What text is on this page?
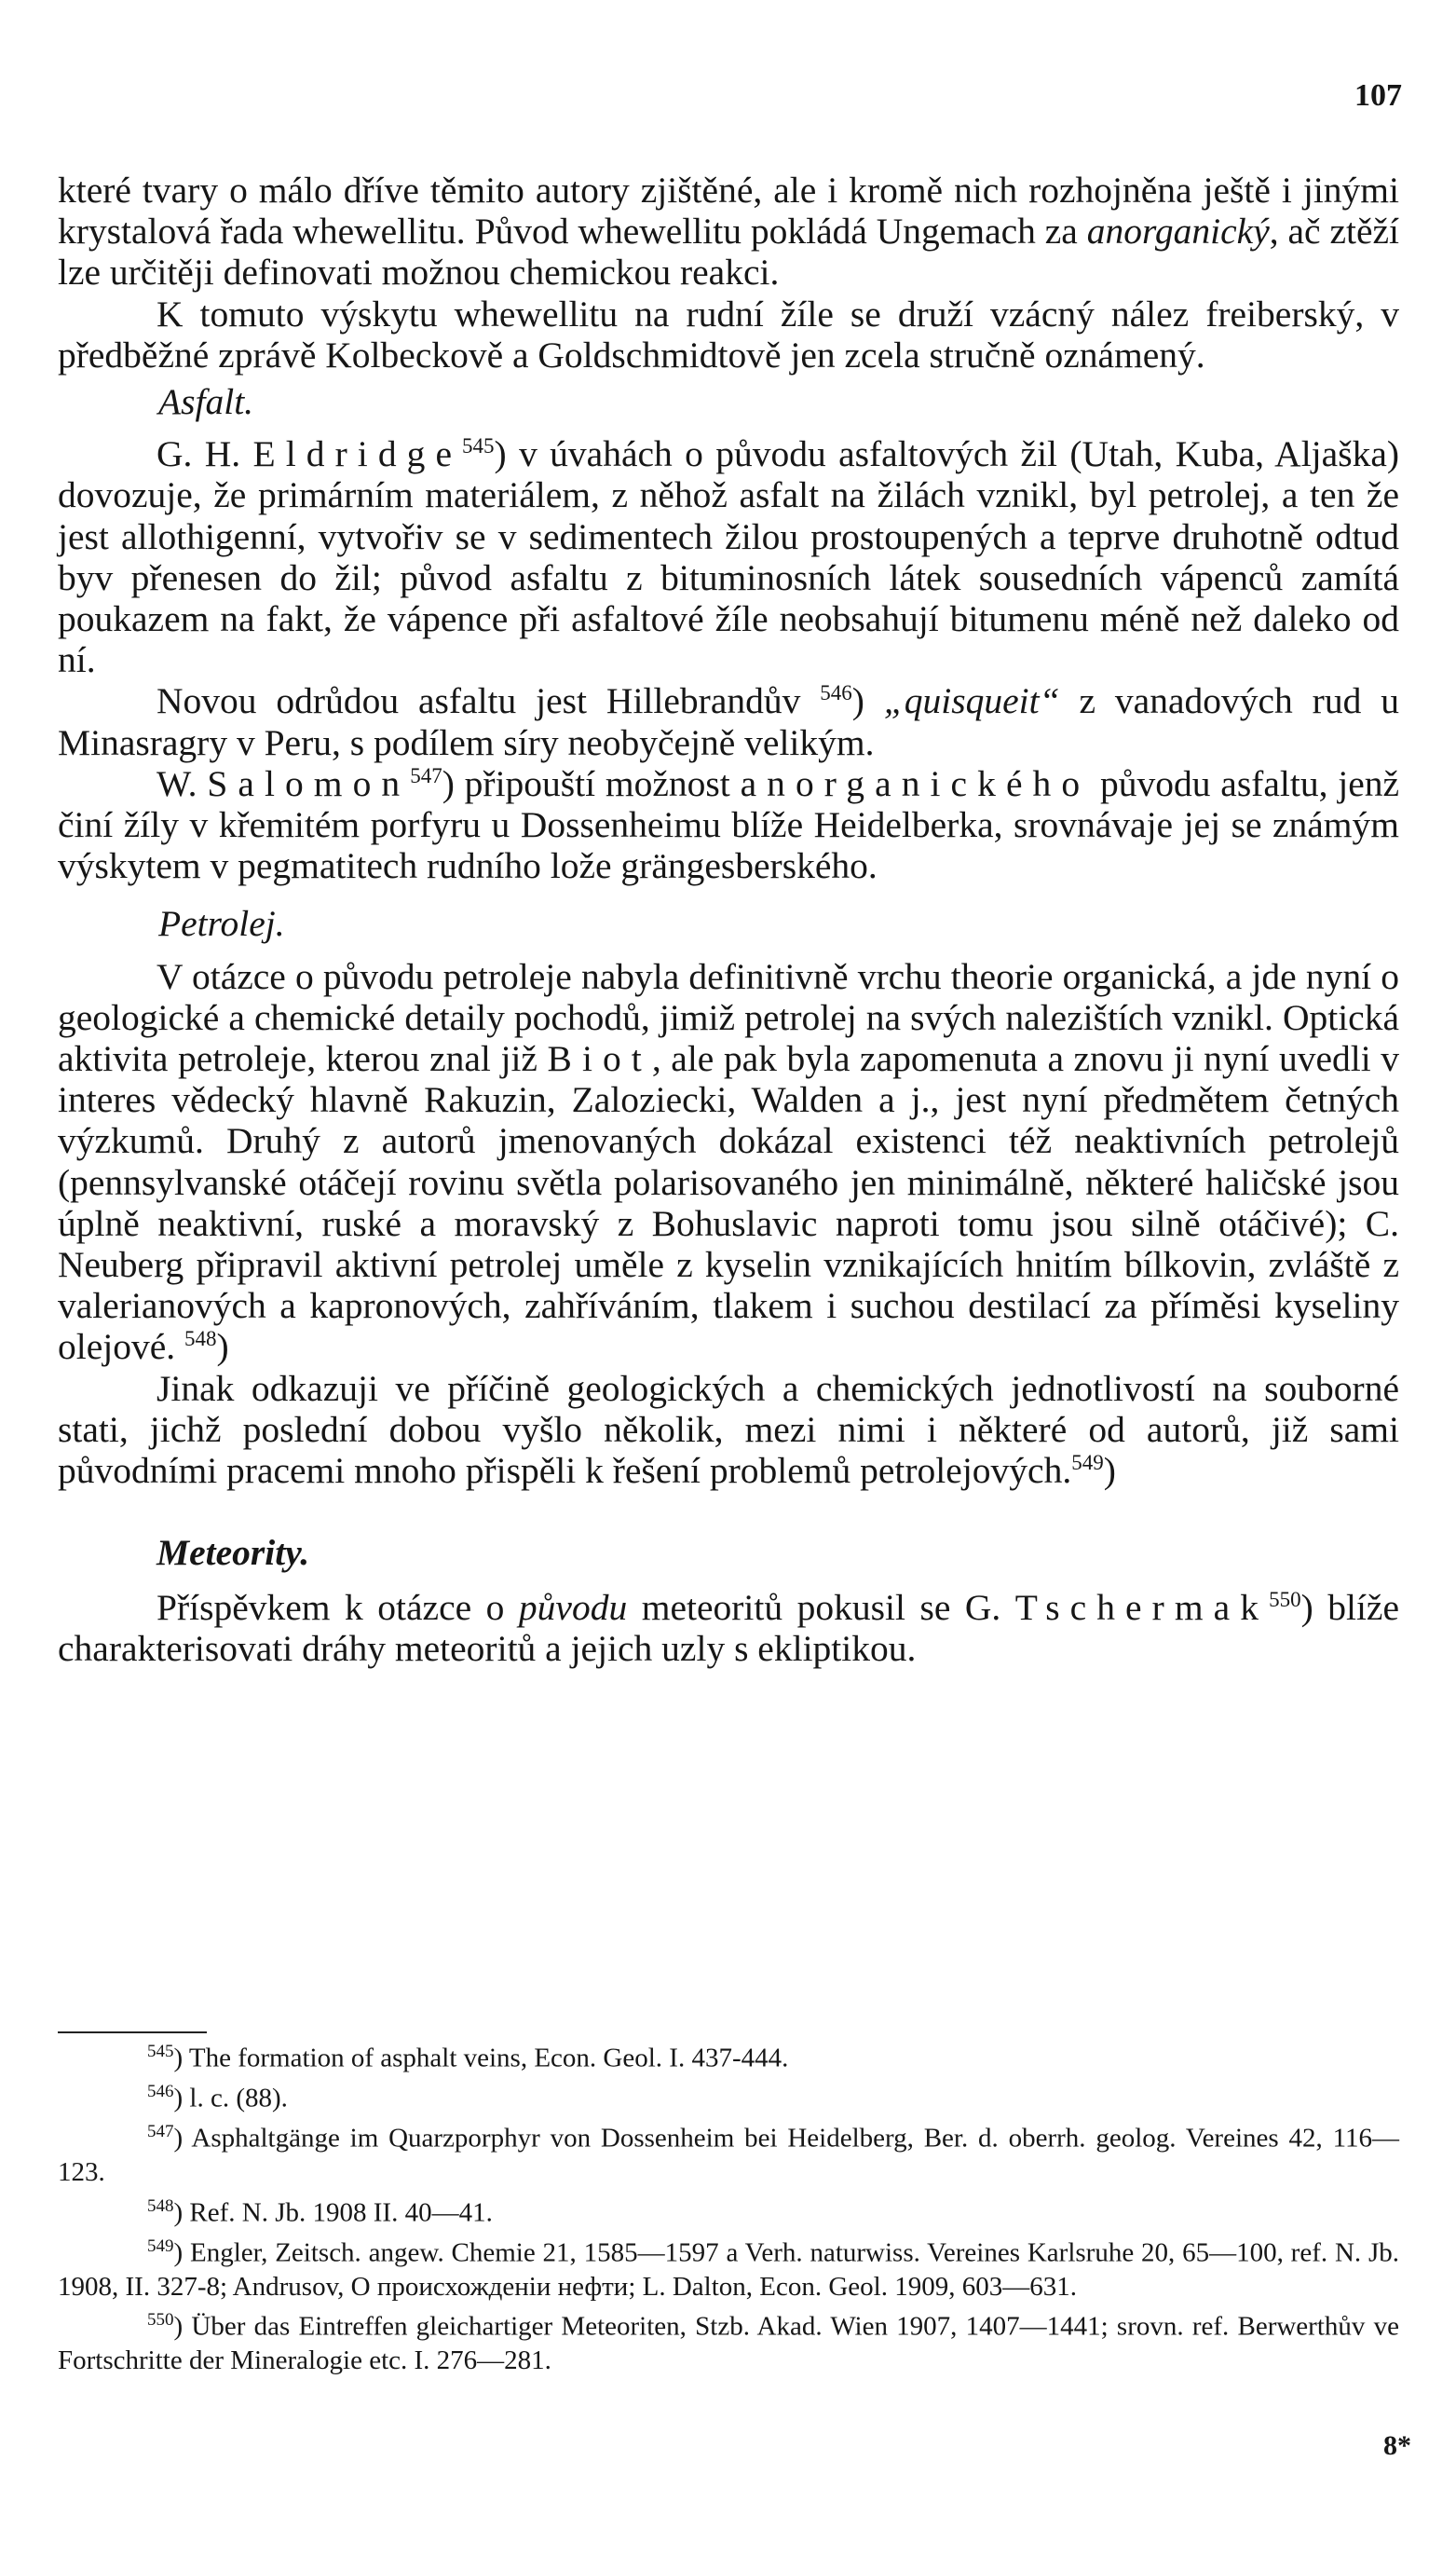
107

které tvary o málo dříve těmito autory zjištěné, ale i kromě nich rozhojněna ještě i jinými krystalová řada whewellitu. Původ whewellitu pokládá Ungemach za anorganický, ač ztěží lze určitěji definovati možnou chemickou reakci.

K tomuto výskytu whewellitu na rudní žíle se druží vzácný nález freiberský, v předběžné zprávě Kolbeckově a Goldschmidtově jen zcela stručně oznámený.

Asfalt.

G. H. Eldridge$^{545}$) v úvahách o původu asfaltových žil (Utah, Kuba, Aljaška) dovozuje, že primárním materiálem, z něhož asfalt na žilách vznikl, byl petrolej, a ten že jest allothigenní, vytvořiv se v sedimentech žilou prostoupených a teprve druhotně odtud byv přenesen do žil; původ asfaltu z bituminosních látek sousedních vápenců zamítá poukazem na fakt, že vápence při asfaltové žíle neobsahují bitumenu méně než daleko od ní.

Novou odrůdou asfaltu jest Hillebrandův $^{546}$) „quisqueit“ z vanadových rud u Minasragry v Peru, s podílem síry neobyčejně velikým.

W. Salomon$^{547}$) připouští možnost anorganického původu asfaltu, jenž činí žíly v křemitém porfyru u Dossenheimu blíže Heidelberka, srovnávaje jej se známým výskytem v pegmatitech rudního lože grängesberského.

Petrolej.

V otázce o původu petroleje nabyla definitivně vrchu theorie organická, a jde nyní o geologické a chemické detaily pochodů, jimiž petrolej na svých nalezištích vznikl. Optická aktivita petroleje, kterou znal již Biot, ale pak byla zapomenuta a znovu ji nyní uvedli v interes vědecký hlavně Rakuzin, Zaloziecki, Walden a j., jest nyní předmětem četných výzkumů. Druhý z autorů jmenovaných dokázal existenci též neaktivních petrolejů (pennsylvanské otáčejí rovinu světla polarisovaného jen minimálně, některé haličské jsou úplně neaktivní, ruské a moravský z Bohuslavic naproti tomu jsou silně otáčivé); C. Neuberg připravil aktivní petrolej uměle z kyselin vznikajících hnitím bílkovin, zvláště z valerianových a kapronových, zahříváním, tlakem i suchou destilací za příměsi kyseliny olejové. $^{548}$)

Jinak odkazuji ve příčině geologických a chemických jednotlivostí na souborné stati, jichž poslední dobou vyšlo několik, mezi nimi i některé od autorů, již sami původními pracemi mnoho přispěli k řešení problemů petrolejových.$^{549}$)

Meteority.

Příspěvkem k otázce o původu meteoritů pokusil se G. Tschermak$^{550}$) blíže charakterisovati dráhy meteoritů a jejich uzly s ekliptikou.

$^{545}$) The formation of asphalt veins, Econ. Geol. I. 437-444.

$^{546}$) l. c. (88).

$^{547}$) Asphaltgänge im Quarzporphyr von Dossenheim bei Heidelberg, Ber. d. oberrh. geolog. Vereines 42, 116—123.

$^{548}$) Ref. N. Jb. 1908 II. 40—41.

$^{549}$) Engler, Zeitsch. angew. Chemie 21, 1585—1597 a Verh. naturwiss. Vereines Karlsruhe 20, 65—100, ref. N. Jb. 1908, II. 327-8; Andrusov, О происхожденіи нефти; L. Dalton, Econ. Geol. 1909, 603—631.

$^{550}$) Über das Eintreffen gleichartiger Meteoriten, Stzb. Akad. Wien 1907, 1407—1441; srovn. ref. Berwerthův ve Fortschritte der Mineralogie etc. I. 276—281.

8*
